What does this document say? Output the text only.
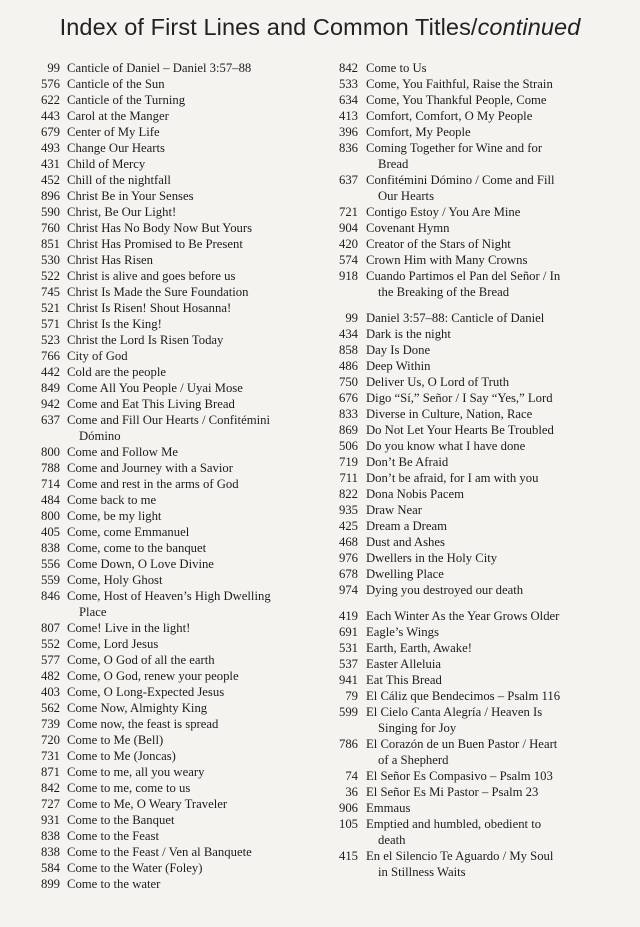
Index of First Lines and Common Titles/continued
99 Canticle of Daniel – Daniel 3:57–88
576 Canticle of the Sun
622 Canticle of the Turning
443 Carol at the Manger
679 Center of My Life
493 Change Our Hearts
431 Child of Mercy
452 Chill of the nightfall
896 Christ Be in Your Senses
590 Christ, Be Our Light!
760 Christ Has No Body Now But Yours
851 Christ Has Promised to Be Present
530 Christ Has Risen
522 Christ is alive and goes before us
745 Christ Is Made the Sure Foundation
521 Christ Is Risen! Shout Hosanna!
571 Christ Is the King!
523 Christ the Lord Is Risen Today
766 City of God
442 Cold are the people
849 Come All You People / Uyai Mose
942 Come and Eat This Living Bread
637 Come and Fill Our Hearts / Confitémini
Dómino
800 Come and Follow Me
788 Come and Journey with a Savior
714 Come and rest in the arms of God
484 Come back to me
800 Come, be my light
405 Come, come Emmanuel
838 Come, come to the banquet
556 Come Down, O Love Divine
559 Come, Holy Ghost
846 Come, Host of Heaven’s High Dwelling
Place
807 Come! Live in the light!
552 Come, Lord Jesus
577 Come, O God of all the earth
482 Come, O God, renew your people
403 Come, O Long-Expected Jesus
562 Come Now, Almighty King
739 Come now, the feast is spread
720 Come to Me (Bell)
731 Come to Me (Joncas)
871 Come to me, all you weary
842 Come to me, come to us
727 Come to Me, O Weary Traveler
931 Come to the Banquet
838 Come to the Feast
838 Come to the Feast / Ven al Banquete
584 Come to the Water (Foley)
899 Come to the water
842 Come to Us
533 Come, You Faithful, Raise the Strain
634 Come, You Thankful People, Come
413 Comfort, Comfort, O My People
396 Comfort, My People
836 Coming Together for Wine and for
Bread
637 Confitémini Dómino / Come and Fill
Our Hearts
721 Contigo Estoy / You Are Mine
904 Covenant Hymn
420 Creator of the Stars of Night
574 Crown Him with Many Crowns
918 Cuando Partimos el Pan del Señor / In
the Breaking of the Bread
99 Daniel 3:57–88: Canticle of Daniel
434 Dark is the night
858 Day Is Done
486 Deep Within
750 Deliver Us, O Lord of Truth
676 Digo “Sí,” Señor / I Say “Yes,” Lord
833 Diverse in Culture, Nation, Race
869 Do Not Let Your Hearts Be Troubled
506 Do you know what I have done
719 Don’t Be Afraid
711 Don’t be afraid, for I am with you
822 Dona Nobis Pacem
935 Draw Near
425 Dream a Dream
468 Dust and Ashes
976 Dwellers in the Holy City
678 Dwelling Place
974 Dying you destroyed our death
419 Each Winter As the Year Grows Older
691 Eagle’s Wings
531 Earth, Earth, Awake!
537 Easter Alleluia
941 Eat This Bread
79 El Cáliz que Bendecimos – Psalm 116
599 El Cielo Canta Alegría / Heaven Is
Singing for Joy
786 El Corazón de un Buen Pastor / Heart
of a Shepherd
74 El Señor Es Compasivo – Psalm 103
36 El Señor Es Mi Pastor – Psalm 23
906 Emmaus
105 Emptied and humbled, obedient to
death
415 En el Silencio Te Aguardo / My Soul
in Stillness Waits
